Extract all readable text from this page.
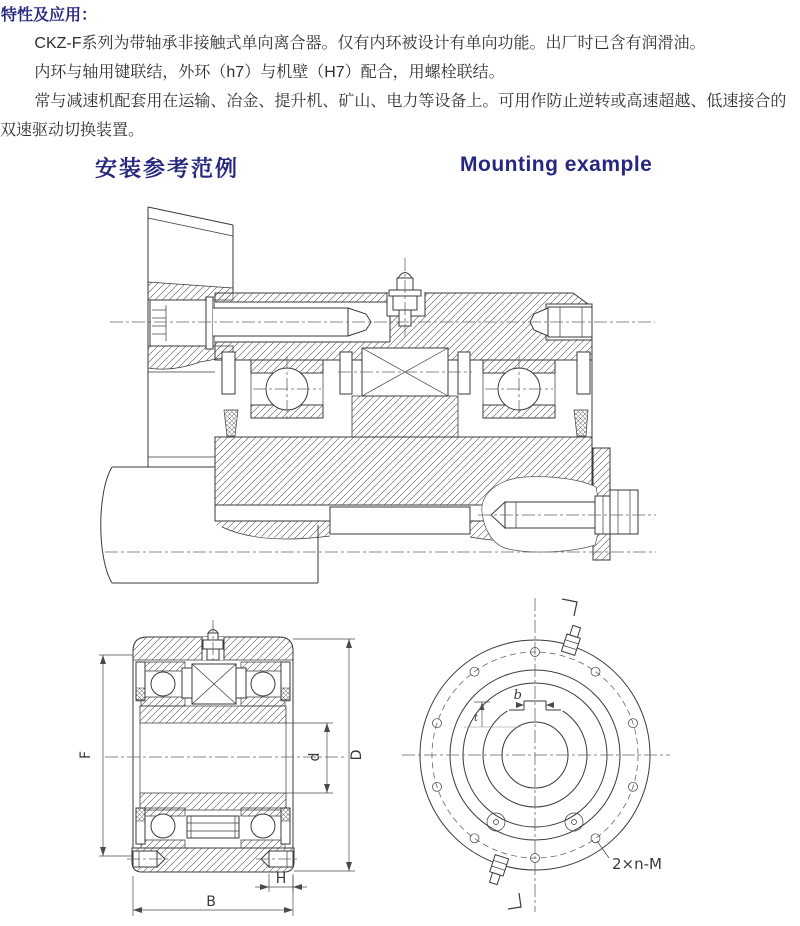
特性及应用：

CKZ-F系列为带轴承非接触式单向离合器。仅有内环被设计有单向功能。出厂时已含有润滑油。

内环与轴用键联结，外环（h7）与机壁（H7）配合，用螺栓联结。

常与减速机配套用在运输、冶金、提升机、矿山、电力等设备上。可用作防止逆转或高速超越、低速接合的双速驱动切换装置。

安装参考范例	Mounting example
F	d D
H
B
b
t
2×n-M
